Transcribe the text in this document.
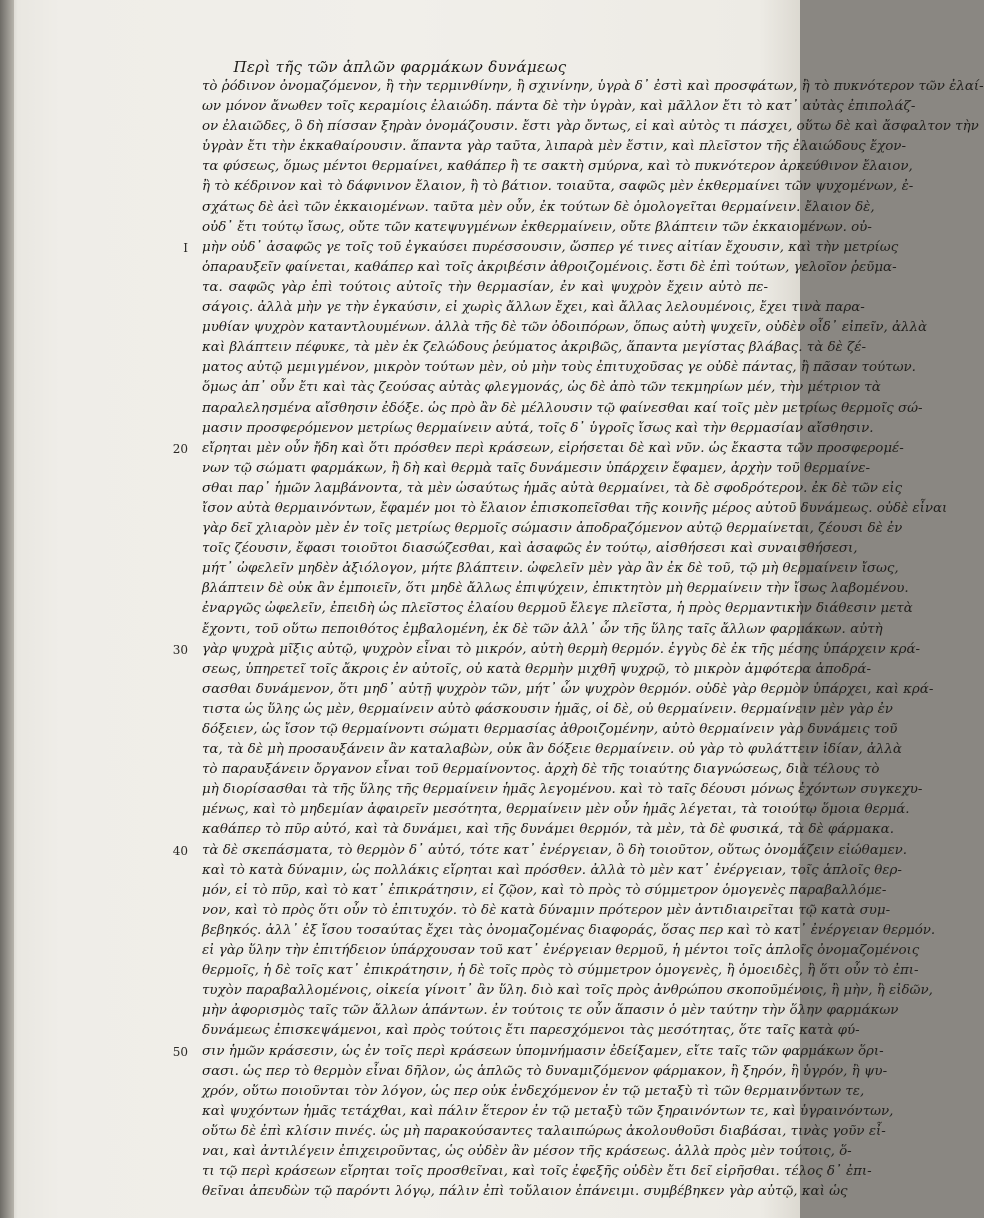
Περὶ τῆς τῶν ἁπλῶν φαρμάκων δυνάμεως
τὸ ῥόδινον ὀνομαζόμενον, ἢ τὴν τερμινθίνην, ἢ σχινίνην, ὑγρὰ δ᾽ ἐστὶ καὶ προσφάτων, ἢ τὸ πυκνότερον τῶν ἐλαί-
ων μόνον ἄνωθεν τοῖς κεραμίοις ἐλαιώδη. πάντα δὲ τὴν ὑγρὰν, καὶ μᾶλλον ἔτι τὸ κατ᾽ αὐτὰς ἐπιπολάζ-
ον ἐλαιῶδες, ὃ δὴ πίσσαν ξηρὰν ὀνομάζουσιν. ἔστι γὰρ ὄντως, εἰ καὶ αὐτὸς τι πάσχει, οὕτω δὲ καὶ ἄσφαλτον τὴν
ὑγρὰν ἔτι τὴν ἐκκαθαίρουσιν. ἅπαντα γὰρ ταῦτα, λιπαρὰ μὲν ἔστιν, καὶ πλεῖστον τῆς ἐλαιώδους ἔχον-
τα φύσεως, ὅμως μέντοι θερμαίνει, καθάπερ ἢ τε σακτὴ σμύρνα, καὶ τὸ πυκνότερον ἀρκεύθινον ἔλαιον,
ἢ τὸ κέδρινον καὶ τὸ δάφνινον ἔλαιον, ἢ τὸ βάτιον. τοιαῦτα, σαφῶς μὲν ἐκθερμαίνει τῶν ψυχομένων, ἐ-
σχάτως δὲ ἀεὶ τῶν ἐκκαιομένων. ταῦτα μὲν οὖν, ἐκ τούτων δὲ ὁμολογεῖται θερμαίνειν. ἔλαιον δὲ,
οὐδ᾽ ἔτι τούτῳ ἴσως, οὔτε τῶν κατεψυγμένων ἐκθερμαίνειν, οὔτε βλάπτειν τῶν ἐκκαιομένων. οὐ-
μὴν οὐδ᾽ ἀσαφῶς γε τοῖς τοῦ ἐγκαύσει πυρέσσουσιν, ὥσπερ γέ τινες αἰτίαν ἔχουσιν, καὶ τὴν μετρίως
ὁπαραυξεῖν φαίνεται, καθάπερ καὶ τοῖς ἀκριβέσιν ἀθροιζομένοις. ἔστι δὲ ἐπὶ τούτων, γελοῖον ῥεῦμα-
τα. σαφῶς γὰρ ἐπὶ τούτοις αὐτοῖς τὴν θερμασίαν, ἐν καὶ ψυχρὸν ἔχειν αὐτὸ πε-
σάγοις. ἀλλὰ μὴν γε τὴν ἐγκαύσιν, εἰ χωρὶς ἄλλων ἔχει, καὶ ἄλλας λελουμένοις, ἔχει τινὰ παρα-
μυθίαν ψυχρὸν καταντλουμένων. ἀλλὰ τῆς δὲ τῶν ὀδοιπόρων, ὅπως αὐτὴ ψυχεῖν, οὐδὲν οἶδ᾽ εἰπεῖν, ἀλλὰ
καὶ βλάπτειν πέφυκε, τὰ μὲν ἐκ ζελώδους ῥεύματος ἀκριβῶς, ἅπαντα μεγίστας βλάβας. τὰ δὲ ζέ-
ματος αὐτῷ μεμιγμένον, μικρὸν τούτων μὲν, οὐ μὴν τοὺς ἐπιτυχοῦσας γε οὐδὲ πάντας, ἢ πᾶσαν τούτων.
ὅμως ἀπ᾽ οὖν ἔτι καὶ τὰς ζεούσας αὐτὰς φλεγμονάς, ὡς δὲ ἀπὸ τῶν τεκμηρίων μέν, τὴν μέτριον τὰ
παραλελησμένα αἴσθησιν ἐδόξε. ὡς πρὸ ἂν δὲ μέλλουσιν τῷ φαίνεσθαι καί τοῖς μὲν μετρίως θερμοῖς σώ-
μασιν προσφερόμενον μετρίως θερμαίνειν αὐτά, τοῖς δ᾽ ὑγροῖς ἴσως καὶ τὴν θερμασίαν αἴσθησιν.
εἴρηται μὲν οὖν ἤδη καὶ ὅτι πρόσθεν περὶ κράσεων, εἰρήσεται δὲ καὶ νῦν. ὡς ἔκαστα τῶν προσφερομέ-
νων τῷ σώματι φαρμάκων, ἢ δὴ καὶ θερμὰ ταῖς δυνάμεσιν ὑπάρχειν ἔφαμεν, ἀρχὴν τοῦ θερμαίνε-
σθαι παρ᾽ ἡμῶν λαμβάνοντα, τὰ μὲν ὡσαύτως ἡμᾶς αὐτὰ θερμαίνει, τὰ δὲ σφοδρότερον. ἐκ δὲ τῶν εἰς
ἴσον αὐτὰ θερμαινόντων, ἔφαμέν μοι τὸ ἔλαιον ἐπισκοπεῖσθαι τῆς κοινῆς μέρος αὐτοῦ δυνάμεως. οὐδὲ εἶναι
γὰρ δεῖ χλιαρὸν μὲν ἐν τοῖς μετρίως θερμοῖς σώμασιν ἀποδραζόμενον αὐτῷ θερμαίνεται, ζέουσι δὲ ἐν
τοῖς ζέουσιν, ἔφασι τοιοῦτοι διασώζεσθαι, καὶ ἀσαφῶς ἐν τούτῳ, αἰσθήσεσι καὶ συναισθήσεσι,
μήτ᾽ ὠφελεῖν μηδὲν ἀξιόλογον, μήτε βλάπτειν. ὠφελεῖν μὲν γὰρ ἂν ἐκ δὲ τοῦ, τῷ μὴ θερμαίνειν ἴσως,
βλάπτειν δὲ οὐκ ἂν ἐμποιεῖν, ὅτι μηδὲ ἄλλως ἐπιψύχειν, ἐπικτητὸν μὴ θερμαίνειν τὴν ἴσως λαβομένου.
ἐναργῶς ὠφελεῖν, ἐπειδὴ ὡς πλεῖστος ἐλαίου θερμοῦ ἔλεγε πλεῖστα, ἡ πρὸς θερμαντικὴν διάθεσιν μετὰ
ἔχοντι, τοῦ οὕτω πεποιθότος ἐμβαλομένη, ἐκ δὲ τῶν ἀλλ᾽ ὧν τῆς ὕλης ταῖς ἄλλων φαρμάκων. αὐτὴ
γὰρ ψυχρὰ μῖξις αὐτῷ, ψυχρὸν εἶναι τὸ μικρόν, αὐτὴ θερμὴ θερμόν. ἐγγὺς δὲ ἐκ τῆς μέσης ὑπάρχειν κρά-
σεως, ὑπηρετεῖ τοῖς ἄκροις ἐν αὐτοῖς, οὐ κατὰ θερμὴν μιχθῆ ψυχρῷ, τὸ μικρὸν ἀμφότερα ἀποδρά-
σασθαι δυνάμενον, ὅτι μηδ᾽ αὐτῇ ψυχρὸν τῶν, μήτ᾽ ὧν ψυχρὸν θερμόν. οὐδὲ γὰρ θερμὸν ὑπάρχει, καὶ κρά-
τιστα ὡς ὕλης ὡς μὲν, θερμαίνειν αὐτὸ φάσκουσιν ἡμᾶς, οἱ δὲ, οὐ θερμαίνειν. θερμαίνειν μὲν γὰρ ἐν
δόξειεν, ὡς ἴσον τῷ θερμαίνοντι σώματι θερμασίας ἀθροιζομένην, αὐτὸ θερμαίνειν γὰρ δυνάμεις τοῦ
τα, τὰ δὲ μὴ προσαυξάνειν ἂν καταλαβὼν, οὐκ ἂν δόξειε θερμαίνειν. οὐ γὰρ τὸ φυλάττειν ἰδίαν, ἀλλὰ
τὸ παραυξάνειν ὄργανον εἶναι τοῦ θερμαίνοντος. ἀρχὴ δὲ τῆς τοιαύτης διαγνώσεως, διὰ τέλους τὸ
μὴ διορίσασθαι τὰ τῆς ὕλης τῆς θερμαίνειν ἡμᾶς λεγομένου. καὶ τὸ ταῖς δέουσι μόνως ἐχόντων συγκεχυ-
μένως, καὶ τὸ μηδεμίαν ἀφαιρεῖν μεσότητα, θερμαίνειν μὲν οὖν ἡμᾶς λέγεται, τὰ τοιούτῳ ὅμοια θερμά.
καθάπερ τὸ πῦρ αὐτό, καὶ τὰ δυνάμει, καὶ τῆς δυνάμει θερμόν, τὰ μὲν, τὰ δὲ φυσικά, τὰ δὲ φάρμακα.
τὰ δὲ σκεπάσματα, τὸ θερμὸν δ᾽ αὐτό, τότε κατ᾽ ἐνέργειαν, ὃ δὴ τοιοῦτον, οὕτως ὀνομάζειν εἰώθαμεν.
καὶ τὸ κατὰ δύναμιν, ὡς πολλάκις εἴρηται καὶ πρόσθεν. ἀλλὰ τὸ μὲν κατ᾽ ἐνέργειαν, τοῖς ἁπλοῖς θερ-
μόν, εἰ τὸ πῦρ, καὶ τὸ κατ᾽ ἐπικράτησιν, εἰ ζῷον, καὶ τὸ πρὸς τὸ σύμμετρον ὁμογενὲς παραβαλλόμε-
νον, καὶ τὸ πρὸς ὅτι οὖν τὸ ἐπιτυχόν. τὸ δὲ κατὰ δύναμιν πρότερον μὲν ἀντιδιαιρεῖται τῷ κατὰ συμ-
βεβηκός. ἀλλ᾽ ἐξ ἴσου τοσαύτας ἔχει τὰς ὀνομαζομένας διαφοράς, ὅσας περ καὶ τὸ κατ᾽ ἐνέργειαν θερμόν.
εἰ γὰρ ὕλην τὴν ἐπιτήδειον ὑπάρχουσαν τοῦ κατ᾽ ἐνέργειαν θερμοῦ, ἡ μέντοι τοῖς ἁπλοῖς ὀνομαζομένοις
θερμοῖς, ἡ δὲ τοῖς κατ᾽ ἐπικράτησιν, ἡ δὲ τοῖς πρὸς τὸ σύμμετρον ὁμογενὲς, ἢ ὁμοειδὲς, ἢ ὅτι οὖν τὸ ἐπι-
τυχὸν παραβαλλομένοις, οἰκεία γίνοιτ᾽ ἂν ὕλη. διὸ καὶ τοῖς πρὸς ἀνθρώπου σκοποῦμένοις, ἢ μὴν, ἢ εἰδῶν,
μὴν ἀφορισμὸς ταῖς τῶν ἄλλων ἁπάντων. ἐν τούτοις τε οὖν ἅπασιν ὁ μὲν ταύτην τὴν ὅλην φαρμάκων
δυνάμεως ἐπισκεψάμενοι, καὶ πρὸς τούτοις ἔτι παρεσχόμενοι τὰς μεσότητας, ὅτε ταῖς κατὰ φύ-
σιν ἡμῶν κράσεσιν, ὡς ἐν τοῖς περὶ κράσεων ὑπομνήμασιν ἐδείξαμεν, εἴτε ταῖς τῶν φαρμάκων ὅρι-
σασι. ὡς περ τὸ θερμὸν εἶναι δῆλον, ὡς ἁπλῶς τὸ δυναμιζόμενον φάρμακον, ἢ ξηρόν, ἢ ὑγρόν, ἢ ψυ-
χρόν, οὕτω ποιοῦνται τὸν λόγον, ὡς περ οὐκ ἐνδεχόμενον ἐν τῷ μεταξὺ τὶ τῶν θερμαινόντων τε,
καὶ ψυχόντων ἡμᾶς τετάχθαι, καὶ πάλιν ἕτερον ἐν τῷ μεταξὺ τῶν ξηραινόντων τε, καὶ ὑγραινόντων,
οὕτω δὲ ἐπὶ κλίσιν πινές. ὡς μὴ παρακούσαντες ταλαιπώρως ἀκολουθοῦσι διαβάσαι, τινὰς γοῦν εἶ-
ναι, καὶ ἀντιλέγειν ἐπιχειροῦντας, ὡς οὐδὲν ἂν μέσον τῆς κράσεως. ἀλλὰ πρὸς μὲν τούτοις, ὅ-
τι τῷ περὶ κράσεων εἴρηται τοῖς προσθεῖναι, καὶ τοῖς ἐφεξῆς οὐδὲν ἔτι δεῖ εἰρῆσθαι. τέλος δ᾽ ἐπι-
θεῖναι ἀπευδὼν τῷ παρόντι λόγῳ, πάλιν ἐπὶ τοὔλαιον ἐπάνειμι. συμβέβηκεν γὰρ αὐτῷ, καὶ ὡς
I
20
30
40
50
